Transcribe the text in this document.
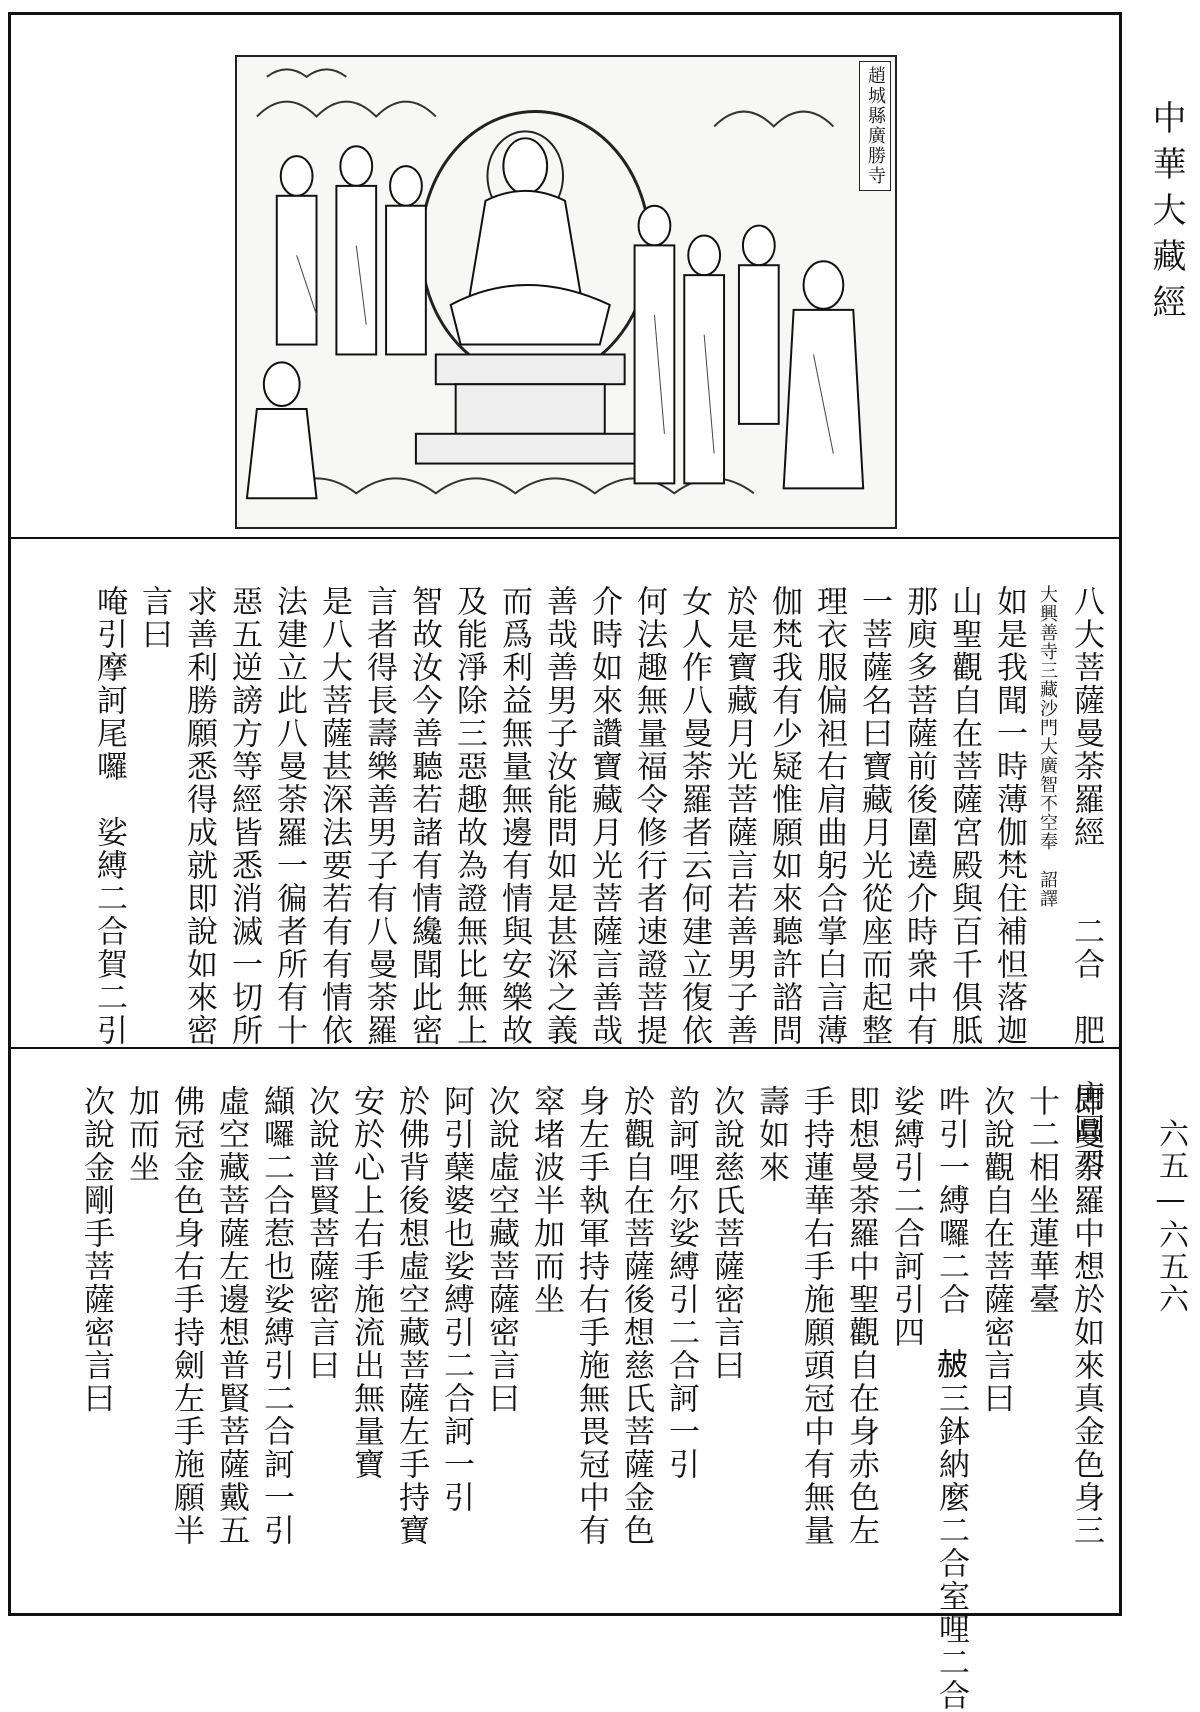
趙城縣廣勝寺
八大菩薩曼荼羅經　　二合　肥　唐圓刃
大興善寺三藏沙門大廣智不空奉　詔譯
如是我聞一時薄伽梵住補怛落迦
山聖觀自在菩薩宮殿與百千俱胝
那庾多菩薩前後圍遶介時衆中有
一菩薩名曰寶藏月光從座而起整
理衣服偏袒右肩曲躬合掌白言薄
伽梵我有少疑惟願如來聽許諮問
於是寶藏月光菩薩言若善男子善
女人作八曼荼羅者云何建立復依
何法趣無量福令修行者速證菩提
介時如來讚寶藏月光菩薩言善哉
善哉善男子汝能問如是甚深之義
而爲利益無量無邊有情與安樂故
及能淨除三惡趣故為證無比無上
智故汝今善聽若諸有情纔聞此密
言者得長壽樂善男子有八曼荼羅
是八大菩薩甚深法要若有有情依
法建立此八曼荼羅一徧者所有十
惡五逆謗方等經皆悉消滅一切所
求善利勝願悉得成就即說如來密
言曰
唵引摩訶尾囉　娑縛二合賀二引
即曼荼羅中想於如來真金色身三
十二相坐蓮華臺
次說觀自在菩薩密言曰
吽引一縛囉二合　𧹞三鉢納麼二合室哩二合
娑縛引二合訶引四
即想曼荼羅中聖觀自在身赤色左
手持蓮華右手施願頭冠中有無量
壽如來
次說慈氏菩薩密言曰
䪨訶哩尔娑縛引二合訶一引
於觀自在菩薩後想慈氏菩薩金色
身左手執軍持右手施無畏冠中有
窣堵波半加而坐
次說虛空藏菩薩密言曰
阿引蘖婆也娑縛引二合訶一引
於佛背後想虛空藏菩薩左手持寶
安於心上右手施流出無量寶
次說普賢菩薩密言曰
纈囉二合惹也娑縛引二合訶一引
虛空藏菩薩左邊想普賢菩薩戴五
佛冠金色身右手持劍左手施願半
加而坐
次說金剛手菩薩密言曰
中華大藏經
六五—六五六
